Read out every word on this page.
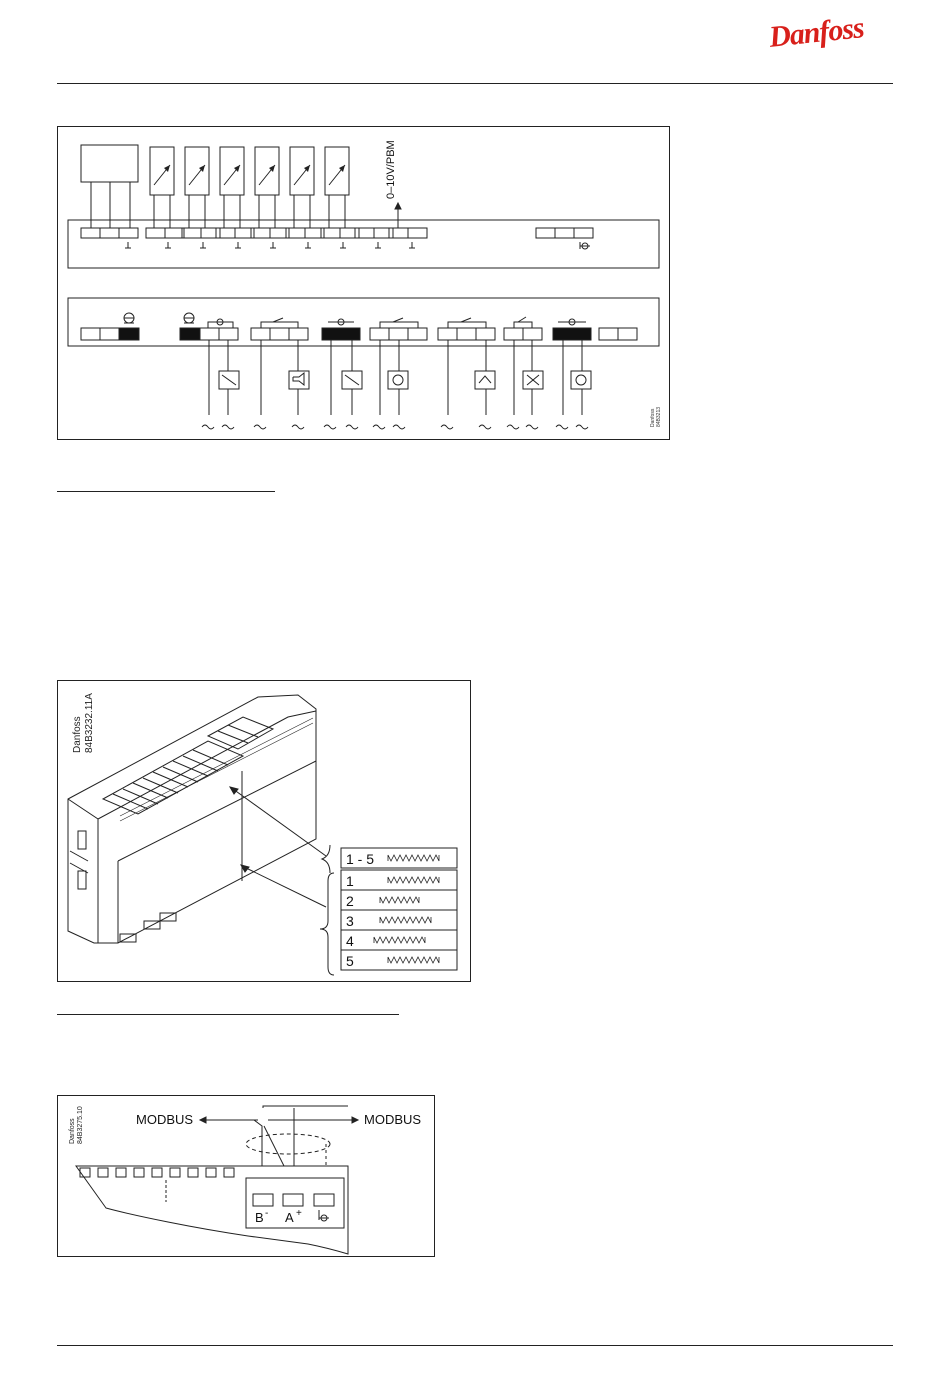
Danfoss
0–10V/PBM
Danfoss 84B3213
1 - 5
1
2
3
4
5
Danfoss 84B3232.11A
MODBUS	MODBUS
B - A +
Danfoss 84B3275.10
